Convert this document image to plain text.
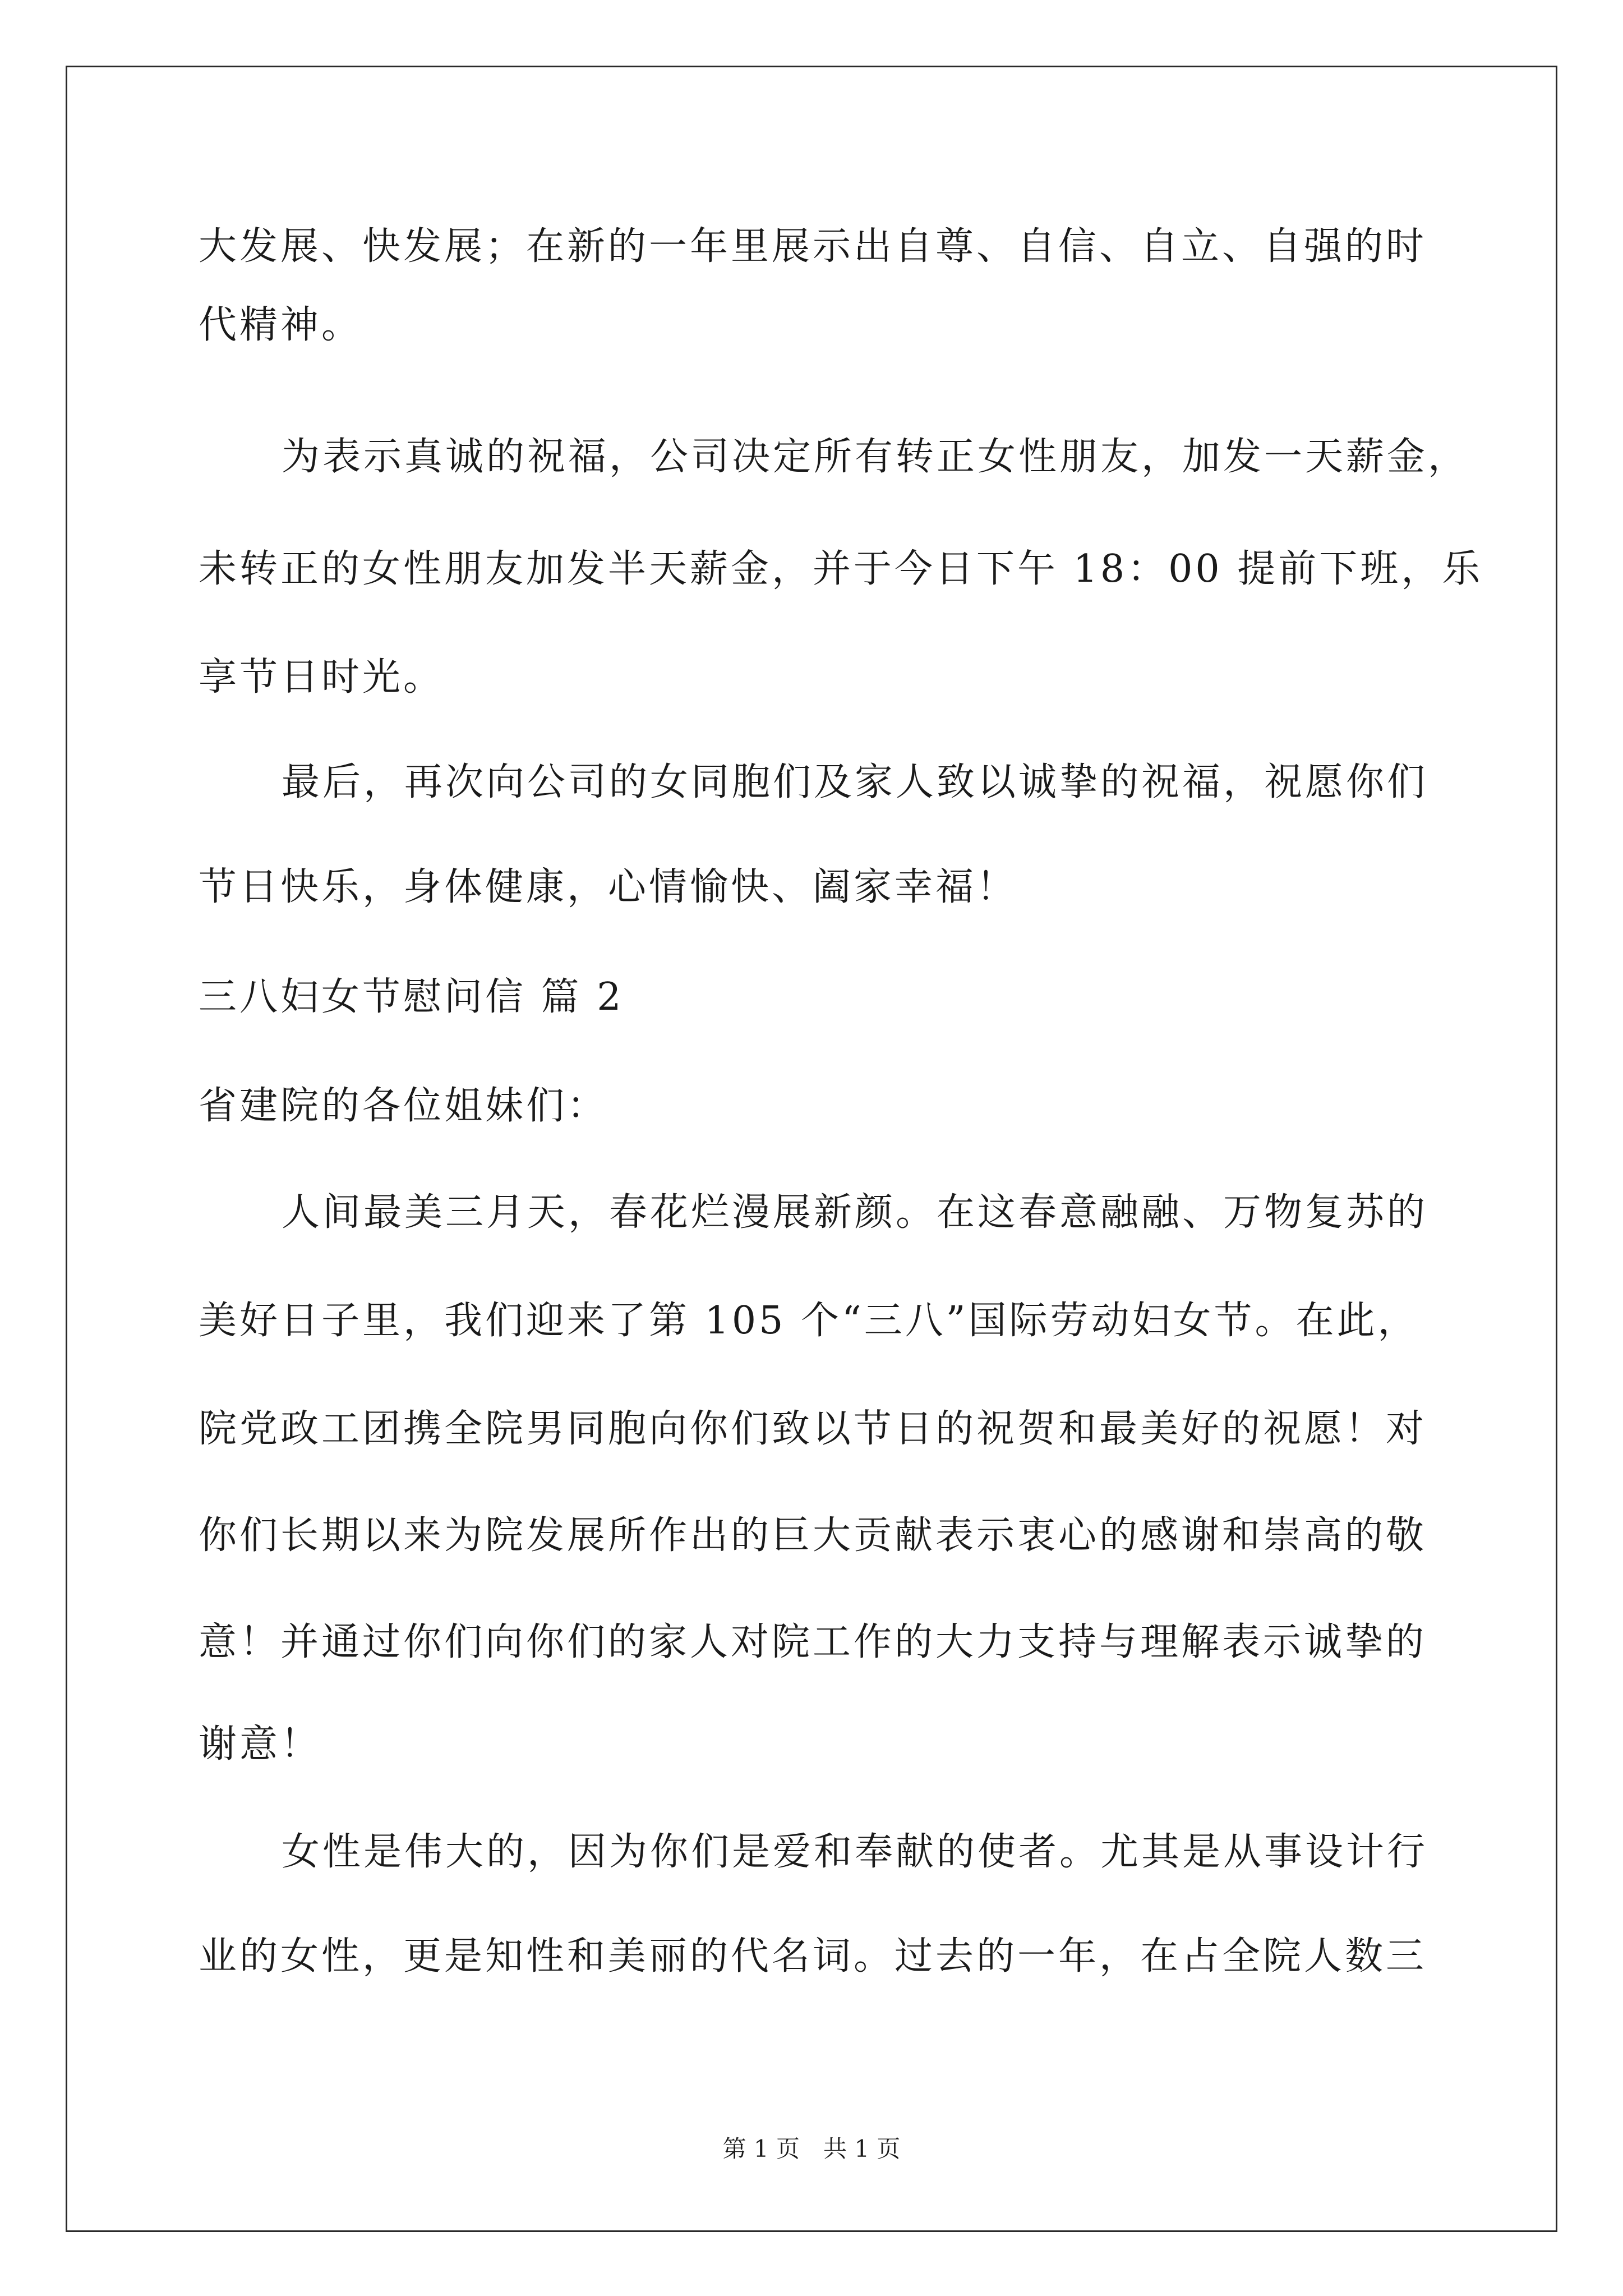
大发展、快发展；在新的一年里展示出自尊、自信、自立、自强的时
代精神。
为表示真诚的祝福，公司决定所有转正女性朋友，加发一天薪金，
未转正的女性朋友加发半天薪金，并于今日下午 18：00 提前下班，乐
享节日时光。
最后，再次向公司的女同胞们及家人致以诚挚的祝福，祝愿你们
节日快乐，身体健康，心情愉快、阖家幸福！
三八妇女节慰问信 篇 2
省建院的各位姐妹们：
人间最美三月天，春花烂漫展新颜。在这春意融融、万物复苏的
美好日子里，我们迎来了第 105 个“三八”国际劳动妇女节。在此，
院党政工团携全院男同胞向你们致以节日的祝贺和最美好的祝愿！对
你们长期以来为院发展所作出的巨大贡献表示衷心的感谢和崇高的敬
意！并通过你们向你们的家人对院工作的大力支持与理解表示诚挚的
谢意！
女性是伟大的，因为你们是爱和奉献的使者。尤其是从事设计行
业的女性，更是知性和美丽的代名词。过去的一年，在占全院人数三
第 1 页　共 1 页
